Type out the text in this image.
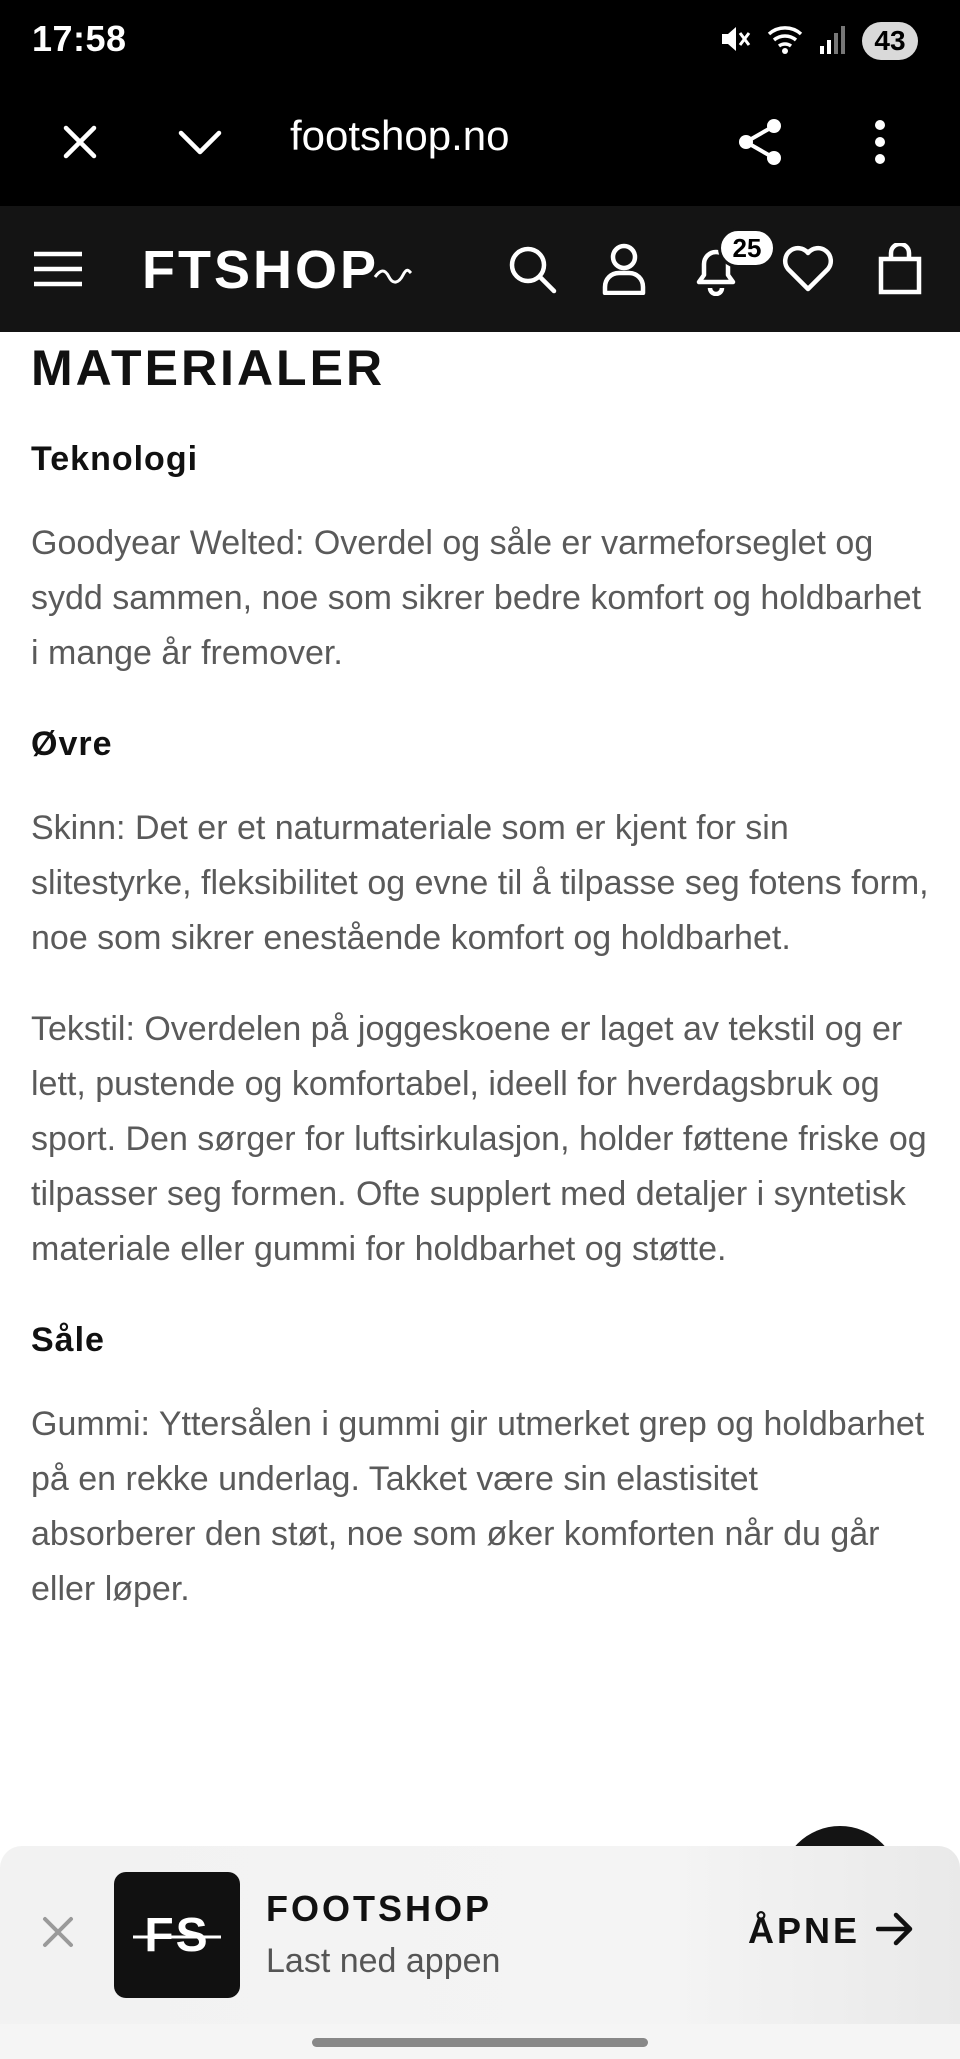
17:58	43
footshop.no
FTSHOP	25
MATERIALER
Teknologi

Goodyear Welted: Overdel og såle er varmeforseglet og sydd sammen, noe som sikrer bedre komfort og holdbarhet i mange år fremover.

Øvre

Skinn: Det er et naturmateriale som er kjent for sin slitestyrke, fleksibilitet og evne til å tilpasse seg fotens form, noe som sikrer enestående komfort og holdbarhet.

Tekstil: Overdelen på joggeskoene er laget av tekstil og er lett, pustende og komfortabel, ideell for hverdagsbruk og sport. Den sørger for luftsirkulasjon, holder føttene friske og tilpasser seg formen. Ofte supplert med detaljer i syntetisk materiale eller gummi for holdbarhet og støtte.

Såle

Gummi: Yttersålen i gummi gir utmerket grep og holdbarhet på en rekke underlag. Takket være sin elastisitet absorberer den støt, noe som øker komforten når du går eller løper.

FS
FOOTSHOP
Last ned appen
ÅPNE
